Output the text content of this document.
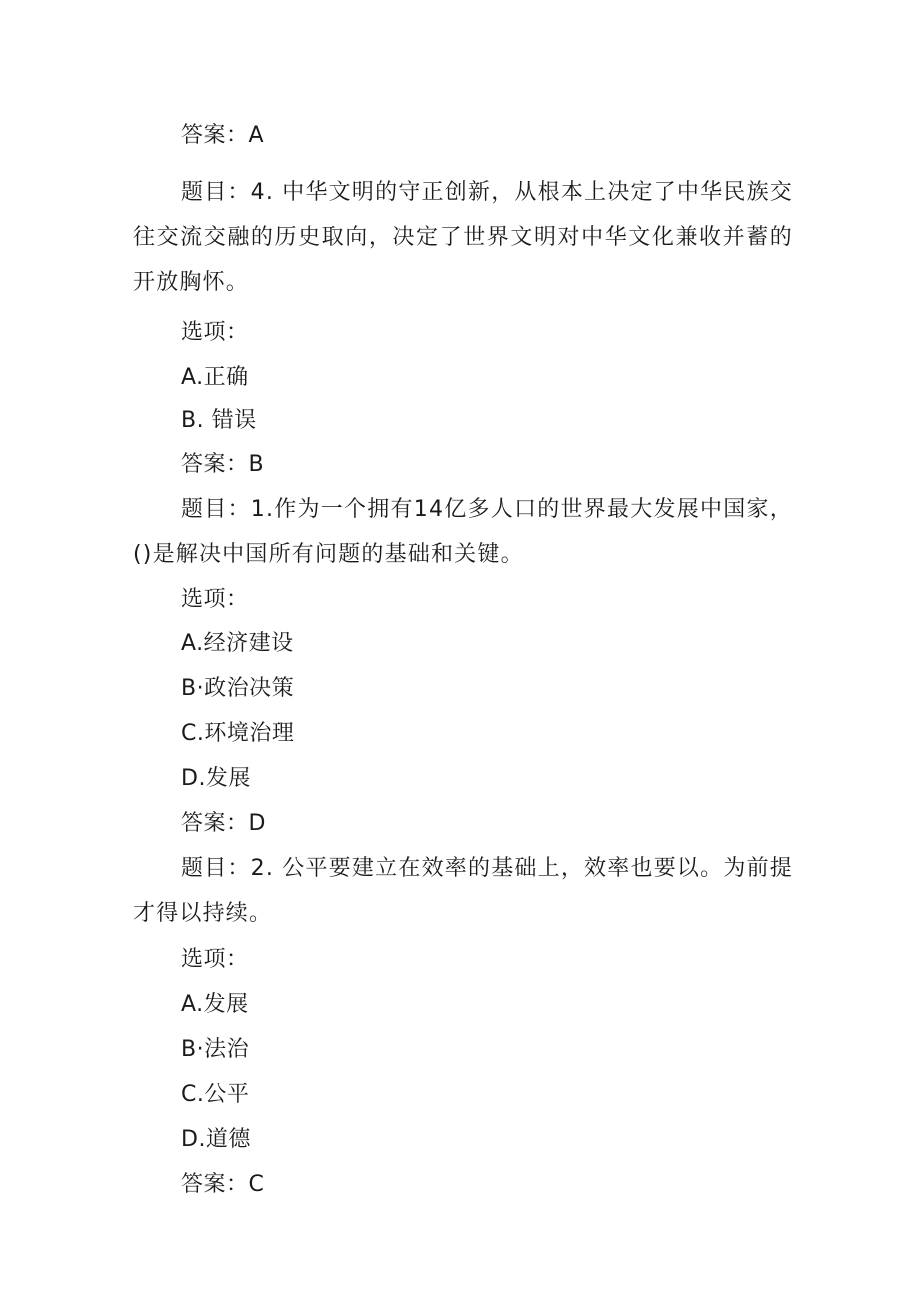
答案：A
题目：4. 中华文明的守正创新，从根本上决定了中华民族交往交流交融的历史取向，决定了世界文明对中华文化兼收并蓄的开放胸怀。
选项：
A.正确
B. 错误
答案：B
题目：1.作为一个拥有14亿多人口的世界最大发展中国家，()是解决中国所有问题的基础和关键。
选项：
A.经济建设
B·政治决策
C.环境治理
D.发展
答案：D
题目：2. 公平要建立在效率的基础上，效率也要以。为前提才得以持续。
选项：
A.发展
B·法治
C.公平
D.道德
答案：C
